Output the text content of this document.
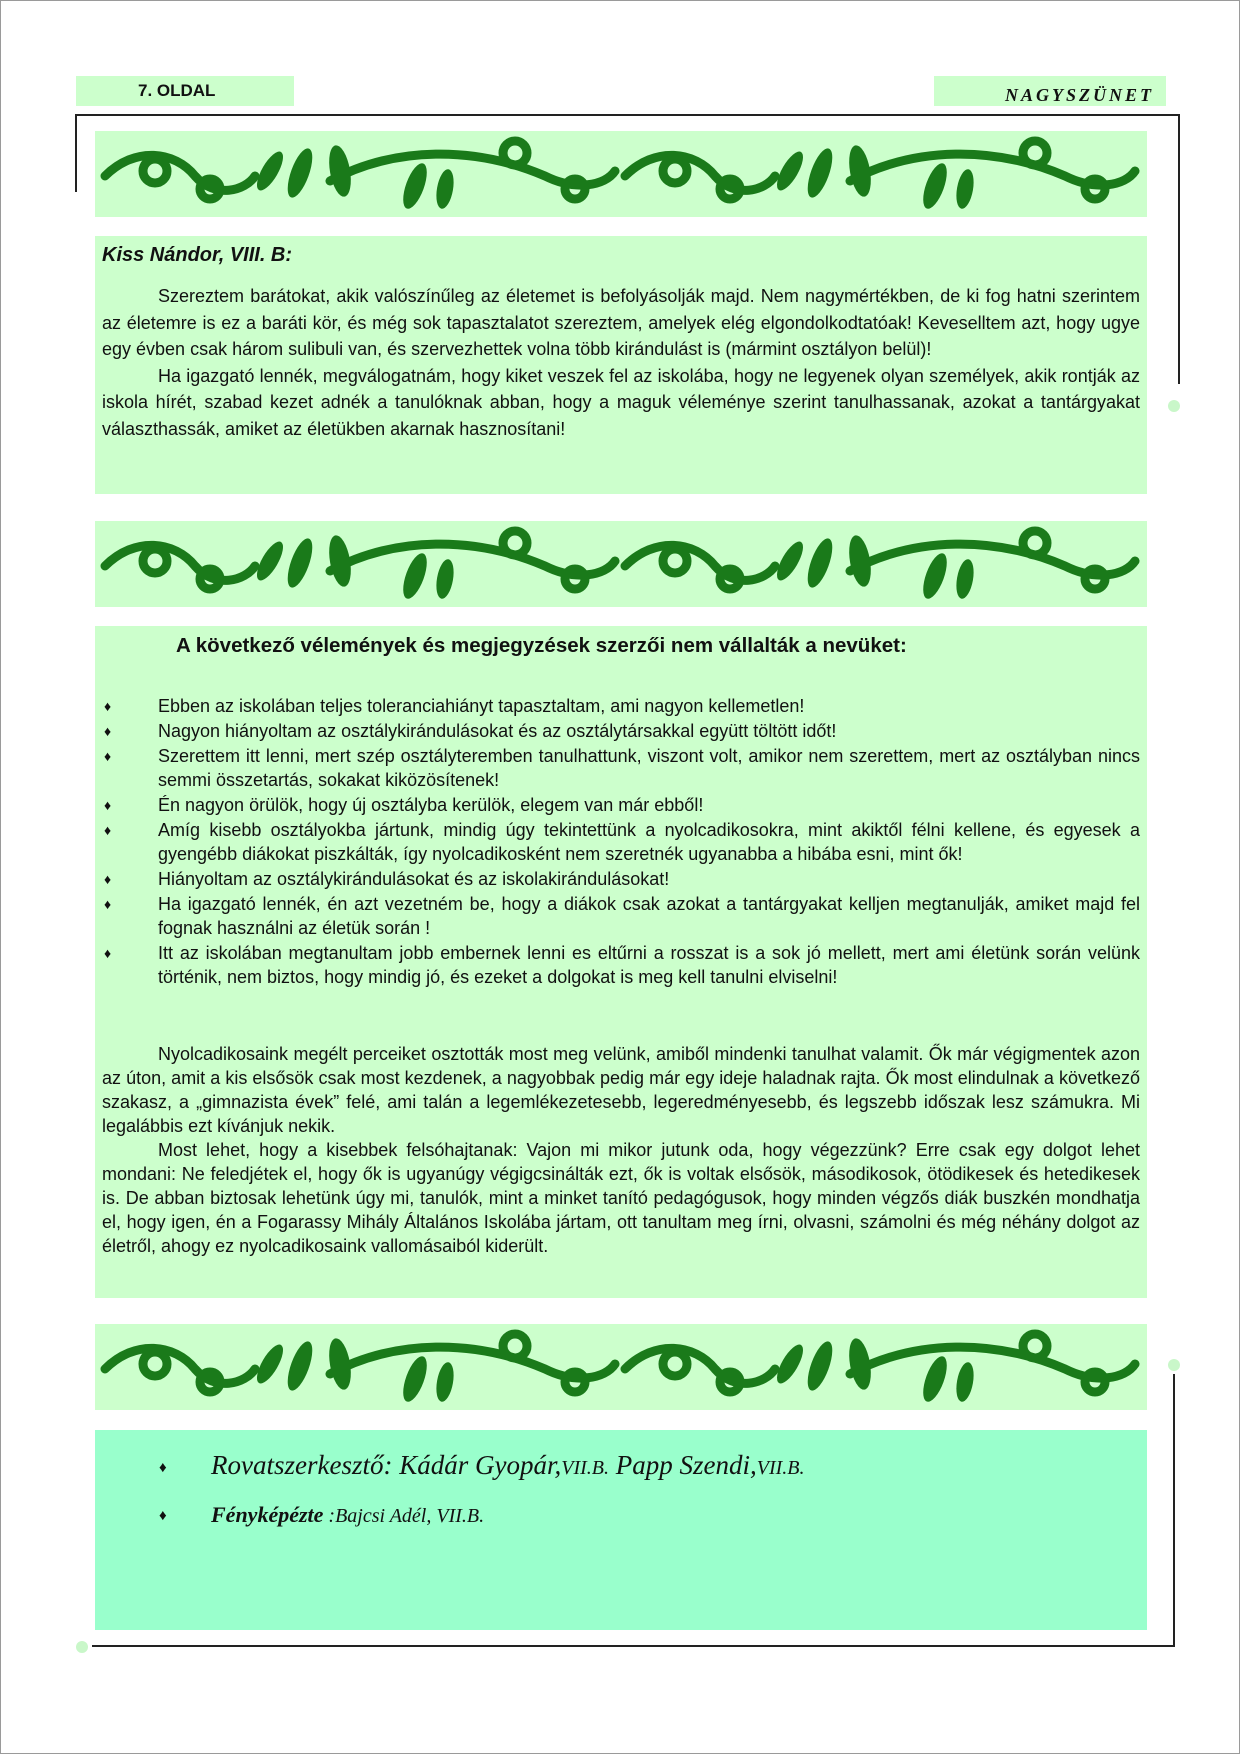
7. OLDAL	NAGYSZÜNET
Kiss Nándor, VIII. B:

Szereztem barátokat, akik valószínűleg az életemet is befolyásolják majd. Nem nagymértékben, de ki fog hatni szerintem az életemre is ez a baráti kör, és még sok tapasztalatot szereztem, amelyek elég elgondolkodtatóak! Keveselltem azt, hogy ugye egy évben csak három sulibuli van, és szervezhettek volna több kirándulást is (mármint osztályon belül)!

Ha igazgató lennék, megválogatnám, hogy kiket veszek fel az iskolába, hogy ne legyenek olyan személyek, akik rontják az iskola hírét, szabad kezet adnék a tanulóknak abban, hogy a maguk véleménye szerint tanulhassanak, azokat a tantárgyakat választhassák, amiket az életükben akarnak hasznosítani!

A következő vélemények és megjegyzések szerzői nem vállalták a nevüket:
♦	Ebben az iskolában teljes toleranciahiányt tapasztaltam, ami nagyon kellemetlen!
♦	Nagyon hiányoltam az osztálykirándulásokat és az osztálytársakkal együtt töltött időt!
♦	Szerettem itt lenni, mert szép osztályteremben tanulhattunk, viszont volt, amikor nem szerettem, mert az osztályban nincs semmi összetartás, sokakat kiközösítenek!
♦	Én nagyon örülök, hogy új osztályba kerülök, elegem van már ebből!
♦	Amíg kisebb osztályokba jártunk, mindig úgy tekintettünk a nyolcadikosokra, mint akiktől félni kellene, és egyesek a gyengébb diákokat piszkálták, így nyolcadikosként nem szeretnék ugyanabba a hibába esni, mint ők!
♦	Hiányoltam az osztálykirándulásokat és az iskolakirándulásokat!
♦	Ha igazgató lennék, én azt vezetném be, hogy a diákok csak azokat a tantárgyakat kelljen megtanulják, amiket majd fel fognak használni az életük során !
♦	Itt az iskolában megtanultam jobb embernek lenni es eltűrni a rosszat is a sok jó mellett, mert ami életünk során velünk történik, nem biztos, hogy mindig jó, és ezeket a dolgokat is meg kell tanulni elviselni!

Nyolcadikosaink megélt perceiket osztották most meg velünk, amiből mindenki tanulhat valamit. Ők már végigmentek azon az úton, amit a kis elsősök csak most kezdenek, a nagyobbak pedig már egy ideje haladnak rajta. Ők most elindulnak a következő szakasz, a „gimnazista évek” felé, ami talán a legemlékezetesebb, legeredményesebb, és legszebb időszak lesz számukra. Mi legalábbis ezt kívánjuk nekik.

Most lehet, hogy a kisebbek felsóhajtanak: Vajon mi mikor jutunk oda, hogy végezzünk? Erre csak egy dolgot lehet mondani: Ne feledjétek el, hogy ők is ugyanúgy végigcsinálták ezt, ők is voltak elsősök, másodikosok, ötödikesek és hetedikesek is. De abban biztosak lehetünk úgy mi, tanulók, mint a minket tanító pedagógusok, hogy minden végzős diák buszkén mondhatja el, hogy igen, én a Fogarassy Mihály Általános Iskolába jártam, ott tanultam meg írni, olvasni, számolni és még néhány dolgot az életről, ahogy ez nyolcadikosaink vallomásaiból kiderült.

♦ Rovatszerkesztő: Kádár Gyopár,VII.B. Papp Szendi,VII.B.
♦ Fényképézte :Bajcsi Adél, VII.B.
